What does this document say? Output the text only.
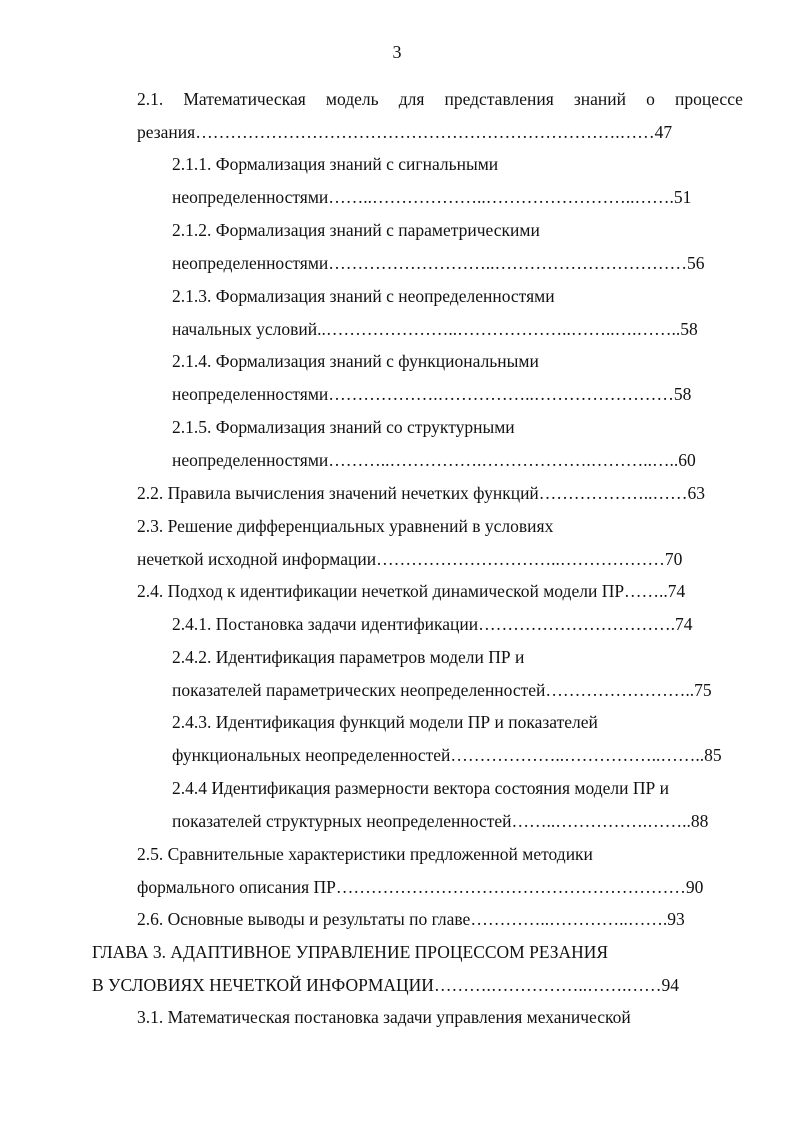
3
2.1. Математическая модель для представления знаний о процессе
резания……………………………………………………………….……47
2.1.1. Формализация знаний с сигнальными
неопределенностями……..………………..……………………..…….51
2.1.2. Формализация знаний с параметрическими
неопределенностями………………………..……………………………56
2.1.3. Формализация знаний с неопределенностями
начальных условий..…………………..………………..……..….……..58
2.1.4. Формализация знаний с функциональными
неопределенностями……………….……………..……………………58
2.1.5. Формализация знаний со структурными
неопределенностями………..…………….……………….………..…..60
2.2. Правила вычисления значений нечетких функций………………..……63
2.3. Решение дифференциальных уравнений в условиях
нечеткой исходной информации…………………………..………………70
2.4. Подход к идентификации нечеткой динамической модели ПР……..74
2.4.1. Постановка задачи идентификации…………………………….74
2.4.2. Идентификация параметров модели ПР и
показателей параметрических неопределенностей……………………..75
2.4.3. Идентификация функций модели ПР и показателей
функциональных неопределенностей………………..……………..……..85
2.4.4 Идентификация размерности вектора состояния модели ПР и
показателей структурных неопределенностей……..…………….……..88
2.5. Сравнительные характеристики предложенной методики
формального описания ПР……………………………………………………90
2.6. Основные выводы и результаты по главе…………..…………..…….93
ГЛАВА 3. АДАПТИВНОЕ УПРАВЛЕНИЕ ПРОЦЕССОМ РЕЗАНИЯ
В УСЛОВИЯХ НЕЧЕТКОЙ ИНФОРМАЦИИ……….……………..…….……94
3.1. Математическая постановка задачи управления механической
